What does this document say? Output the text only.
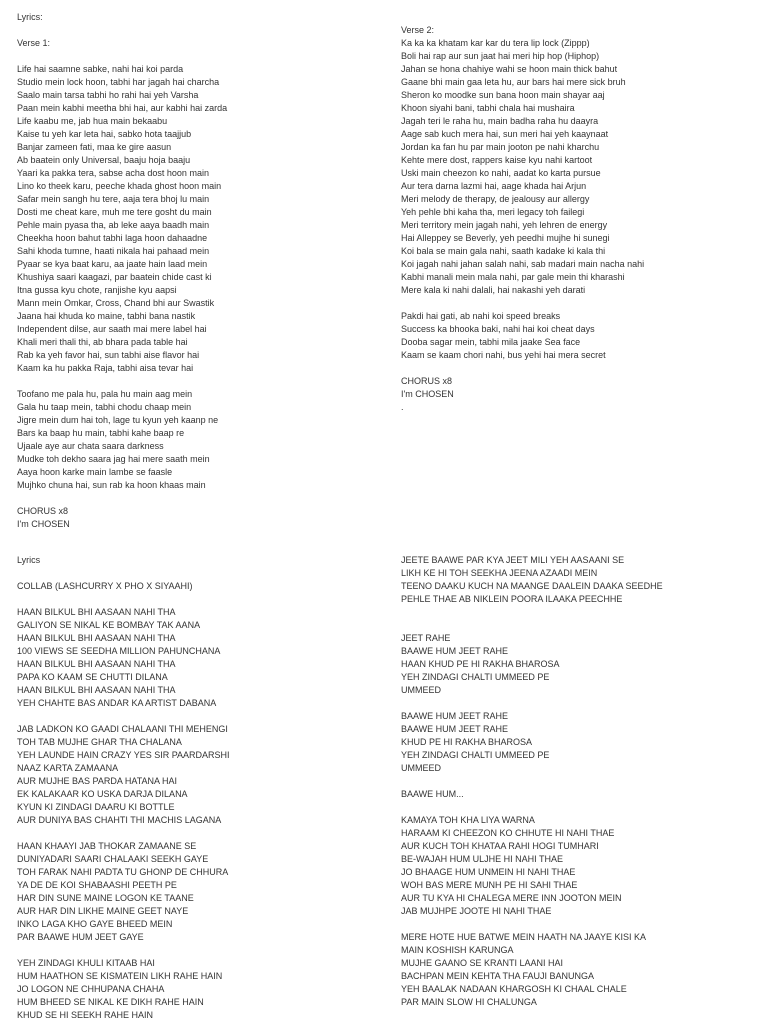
Lyrics:
Verse 1:
Life hai saamne sabke, nahi hai koi parda
Studio mein lock hoon, tabhi har jagah hai charcha
Saalo main tarsa tabhi ho rahi hai yeh Varsha
Paan mein kabhi meetha bhi hai, aur kabhi hai zarda
Life kaabu me, jab hua main bekaabu
Kaise tu yeh kar leta hai, sabko hota taajjub
Banjar zameen fati, maa ke gire aasun
Ab baatein only Universal, baaju hoja baaju
Yaari ka pakka tera, sabse acha dost hoon main
Lino ko theek karu, peeche khada ghost hoon main
Safar mein sangh hu tere, aaja tera bhoj lu main
Dosti me cheat kare, muh me tere gosht du main
Pehle main pyasa tha, ab leke aaya baadh main
Cheekha hoon bahut tabhi laga hoon dahaadne
Sahi khoda tumne, haati nikala hai pahaad mein
Pyaar se kya baat karu, aa jaate hain laad mein
Khushiya saari kaagazi, par baatein chide cast ki
Itna gussa kyu chote, ranjishe kyu aapsi
Mann mein Omkar, Cross, Chand bhi aur Swastik
Jaana hai khuda ko maine, tabhi bana nastik
Independent dilse, aur saath mai mere label hai
Khali meri thali thi, ab bhara pada table hai
Rab ka yeh favor hai, sun tabhi aise flavor hai
Kaam ka hu pakka Raja, tabhi aisa tevar hai
Toofano me pala hu, pala hu main aag mein
Gala hu taap mein, tabhi chodu chaap mein
Jigre mein dum hai toh, lage tu kyun yeh kaanp ne
Bars ka baap hu main, tabhi kahe baap re
Ujaale aye aur chata saara darkness
Mudke toh dekho saara jag hai mere saath mein
Aaya hoon karke main lambe se faasle
Mujhko chuna hai, sun rab ka hoon khaas main
CHORUS x8
I'm CHOSEN
Verse 2:
Ka ka ka khatam kar kar du tera lip lock (Zippp)
Boli hai rap aur sun jaat hai meri hip hop (Hiphop)
Jahan se hona chahiye wahi se hoon main thick bahut
Gaane bhi main gaa leta hu, aur bars hai mere sick bruh
Sheron ko moodke sun bana hoon main shayar aaj
Khoon siyahi bani, tabhi chala hai mushaira
Jagah teri le raha hu, main badha raha hu daayra
Aage sab kuch mera hai, sun meri hai yeh kaaynaat
Jordan ka fan hu par main jooton pe nahi kharchu
Kehte mere dost, rappers kaise kyu nahi kartoot
Uski main cheezon ko nahi, aadat ko karta pursue
Aur tera darna lazmi hai, aage khada hai Arjun
Meri melody de therapy, de jealousy aur allergy
Yeh pehle bhi kaha tha, meri legacy toh failegi
Meri territory mein jagah nahi, yeh lehren de energy
Hai Alleppey se Beverly, yeh peedhi mujhe hi sunegi
Koi bala se main gala nahi, saath kadake ki kala thi
Koi jagah nahi jahan salah nahi, sab madari main nacha nahi
Kabhi manali mein mala nahi, par gale mein thi kharashi
Mere kala ki nahi dalali, hai nakashi yeh darati
Pakdi hai gati, ab nahi koi speed breaks
Success ka bhooka baki, nahi hai koi cheat days
Dooba sagar mein, tabhi mila jaake Sea face
Kaam se kaam chori nahi, bus yehi hai mera secret
CHORUS x8
I'm CHOSEN
.
Lyrics
COLLAB (LASHCURRY X PHO X SIYAAHI)
HAAN BILKUL BHI AASAAN NAHI THA
GALIYON SE NIKAL KE BOMBAY TAK AANA
HAAN BILKUL BHI AASAAN NAHI THA
100 VIEWS SE SEEDHA MILLION PAHUNCHANA
HAAN BILKUL BHI AASAAN NAHI THA
PAPA KO KAAM SE CHUTTI DILANA
HAAN BILKUL BHI AASAAN NAHI THA
YEH CHAHTE BAS ANDAR KA ARTIST DABANA
JAB LADKON KO GAADI CHALAANI THI MEHENGI
TOH TAB MUJHE GHAR THA CHALANA
YEH LAUNDE HAIN CRAZY YES SIR PAARDARSHI
NAAZ KARTA ZAMAANA
AUR MUJHE BAS PARDA HATANA HAI
EK KALAKAAR KO USKA DARJA DILANA
KYUN KI ZINDAGI DAARU KI BOTTLE
AUR DUNIYA BAS CHAHTI THI MACHIS LAGANA
HAAN KHAAYI JAB THOKAR ZAMAANE SE
DUNIYADARI SAARI CHALAAKI SEEKH GAYE
TOH FARAK NAHI PADTA TU GHONP DE CHHURA
YA DE DE KOI SHABAASHI PEETH PE
HAR DIN SUNE MAINE LOGON KE TAANE
AUR HAR DIN LIKHE MAINE GEET NAYE
INKO LAGA KHO GAYE BHEED MEIN
PAR BAAWE HUM JEET GAYE
YEH ZINDAGI KHULI KITAAB HAI
HUM HAATHON SE KISMATEIN LIKH RAHE HAIN
JO LOGON NE CHHUPANA CHAHA
HUM BHEED SE NIKAL KE DIKH RAHE HAIN
KHUD SE HI SEEKH RAHE HAIN
JEETE BAAWE PAR KYA JEET MILI YEH AASAANI SE
LIKH KE HI TOH SEEKHA JEENA AZAADI MEIN
TEENO DAAKU KUCH NA MAANGE DAALEIN DAAKA SEEDHE
PEHLE THAE AB NIKLEIN POORA ILAAKA PEECHHE
JEET RAHE
BAAWE HUM JEET RAHE
HAAN KHUD PE HI RAKHA BHAROSA
YEH ZINDAGI CHALTI UMMEED PE
UMMEED
BAAWE HUM JEET RAHE
BAAWE HUM JEET RAHE
KHUD PE HI RAKHA BHAROSA
YEH ZINDAGI CHALTI UMMEED PE
UMMEED
BAAWE HUM...
KAMAYA TOH KHA LIYA WARNA
HARAAM KI CHEEZON KO CHHUTE HI NAHI THAE
AUR KUCH TOH KHATAA RAHI HOGI TUMHARI
BE-WAJAH HUM ULJHE HI NAHI THAE
JO BHAAGE HUM UNMEIN HI NAHI THAE
WOH BAS MERE MUNH PE HI SAHI THAE
AUR TU KYA HI CHALEGA MERE INN JOOTON MEIN
JAB MUJHPE JOOTE HI NAHI THAE
MERE HOTE HUE BATWE MEIN HAATH NA JAAYE KISI KA
MAIN KOSHISH KARUNGA
MUJHE GAANO SE KRANTI LAANI HAI
BACHPAN MEIN KEHTA THA FAUJI BANUNGA
YEH BAALAK NADAAN KHARGOSH KI CHAAL CHALE
PAR MAIN SLOW HI CHALUNGA
